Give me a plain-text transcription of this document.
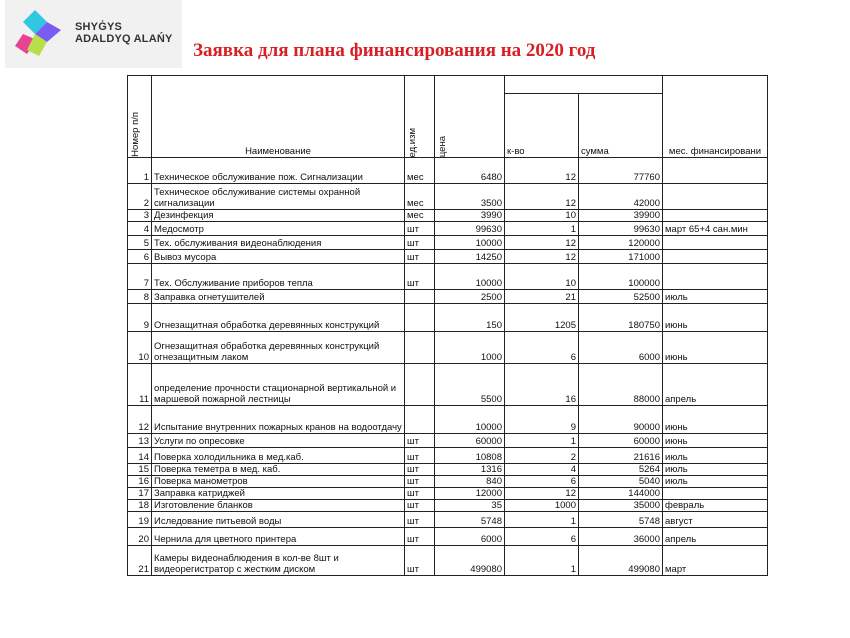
SHYĠYS
ADALDYQ ALAŃY
Заявка для плана финансирования на 2020 год
Номер п/п	Наименование	ед.изм	цена			мес. финансировани
				к-во	сумма	
1	Техническое обслуживание пож. Сигнализации	мес	6480	12	77760	
2	Техническое обслуживание системы охранной сигнализации	мес	3500	12	42000	
3	Дезинфекция	мес	3990	10	39900	
4	Медосмотр	шт	99630	1	99630	март 65+4 сан.мин
5	Тех. обслуживания видеонаблюдения	шт	10000	12	120000	
6	Вывоз мусора	шт	14250	12	171000	
7	Тех. Обслуживание приборов тепла	шт	10000	10	100000	
8	Заправка огнетушителей		2500	21	52500	июль
9	Огнезащитная обработка деревянных конструкций		150	1205	180750	июнь
10	Огнезащитная обработка деревянных конструкций огнезащитным лаком		1000	6	6000	июнь
11	определение прочности стационарной вертикальной и маршевой пожарной лестницы		5500	16	88000	апрель
12	Испытание внутренних пожарных кранов на водоотдачу		10000	9	90000	июнь
13	Услуги по опресовке	шт	60000	1	60000	июнь
14	Поверка холодильника в мед.каб.	шт	10808	2	21616	июль
15	Поверка теметра в мед. каб.	шт	1316	4	5264	июль
16	Поверка манометров	шт	840	6	5040	июль
17	Заправка катриджей	шт	12000	12	144000	
18	Изготовление бланков	шт	35	1000	35000	февраль
19	Иследование питьевой воды	шт	5748	1	5748	август
20	Чернила для цветного принтера	шт	6000	6	36000	апрель
21	Камеры видеонаблюдения в кол-ве 8шт и видеорегистратор с жестким диском	шт	499080	1	499080	март
